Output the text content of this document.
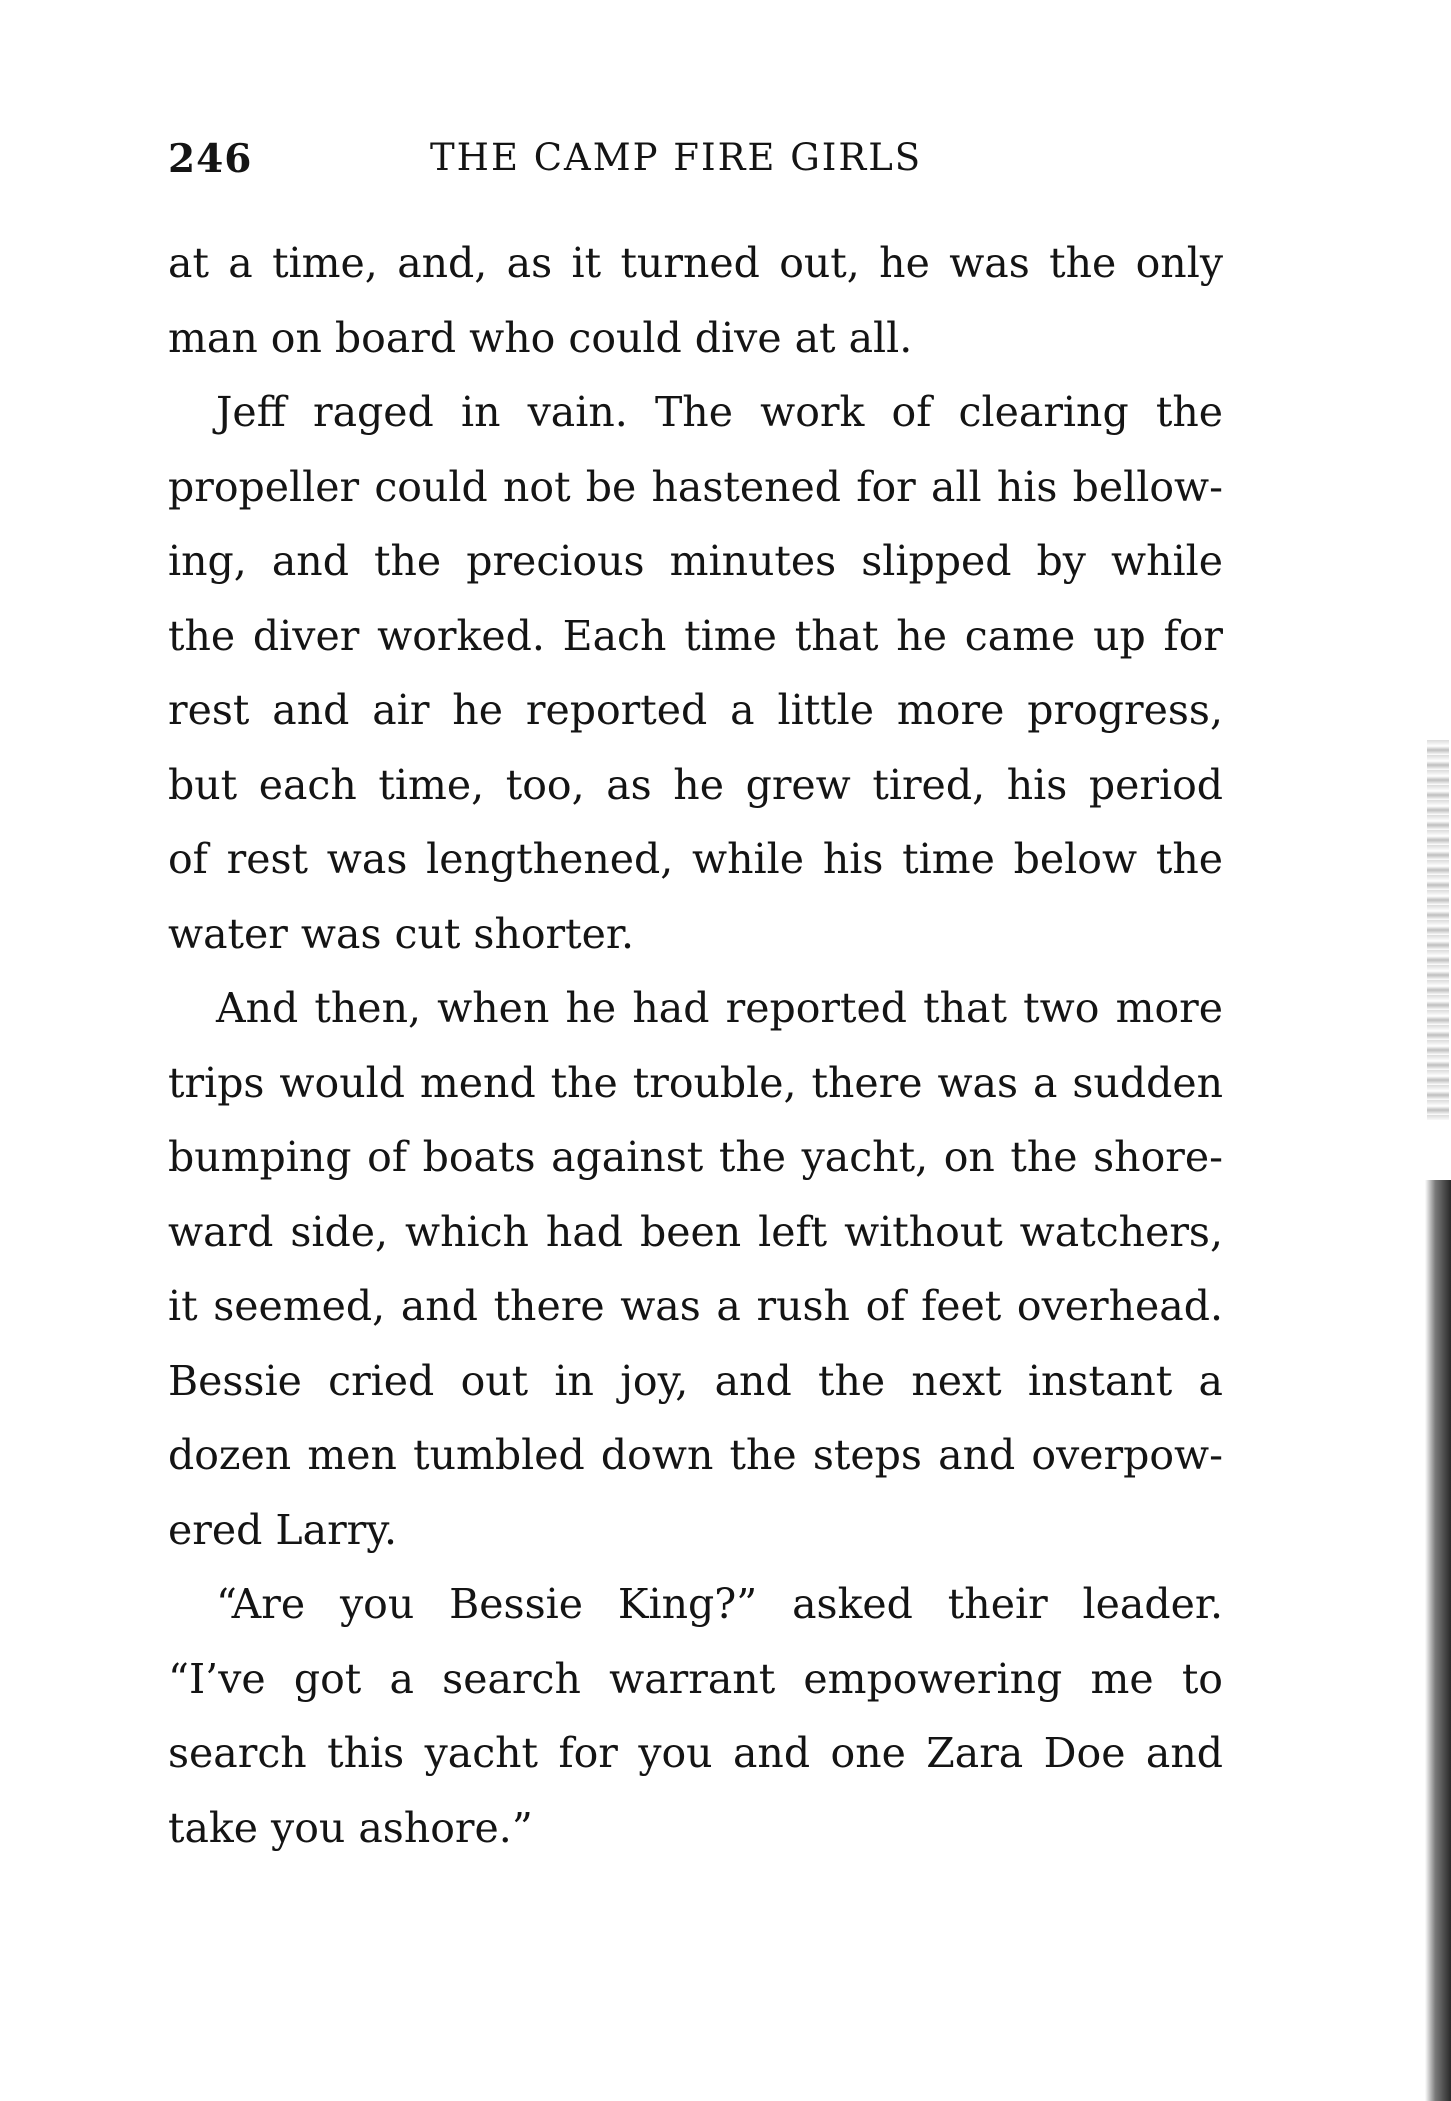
246	THE CAMP FIRE GIRLS
at a time, and, as it turned out, he was the only
man on board who could dive at all.
Jeff raged in vain. The work of clearing the
propeller could not be hastened for all his bellow-
ing, and the precious minutes slipped by while
the diver worked. Each time that he came up for
rest and air he reported a little more progress,
but each time, too, as he grew tired, his period
of rest was lengthened, while his time below the
water was cut shorter.
And then, when he had reported that two more
trips would mend the trouble, there was a sudden
bumping of boats against the yacht, on the shore-
ward side, which had been left without watchers,
it seemed, and there was a rush of feet overhead.
Bessie cried out in joy, and the next instant a
dozen men tumbled down the steps and overpow-
ered Larry.
“Are you Bessie King?” asked their leader.
“I’ve got a search warrant empowering me to
search this yacht for you and one Zara Doe and
take you ashore.”
